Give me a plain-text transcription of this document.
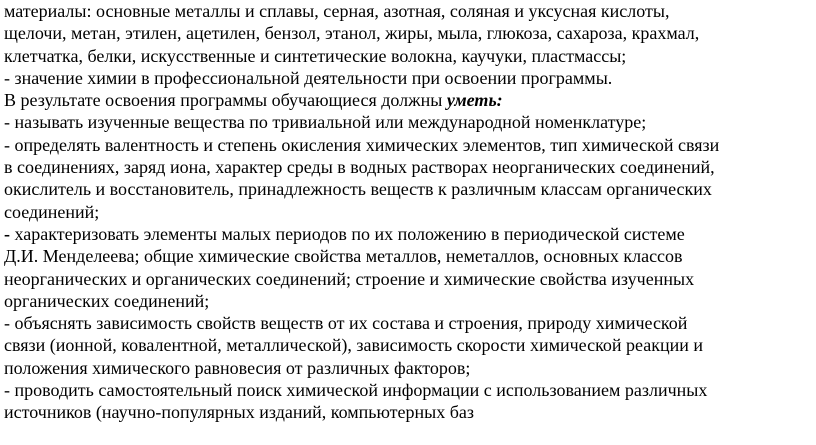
материалы: основные металлы и сплавы, серная, азотная, соляная и уксусная кислоты,
щелочи, метан, этилен, ацетилен, бензол, этанол, жиры, мыла, глюкоза, сахароза, крахмал,
клетчатка, белки, искусственные и синтетические волокна, каучуки, пластмассы;
- значение химии в профессиональной деятельности при освоении программы.
В результате освоения программы обучающиеся должны уметь:
- называть изученные вещества по тривиальной или международной номенклатуре;
- определять валентность и степень окисления химических элементов, тип химической связи
в соединениях, заряд иона, характер среды в водных растворах неорганических соединений,
окислитель и восстановитель, принадлежность веществ к различным классам органических
соединений;
- характеризовать элементы малых периодов по их положению в периодической системе
Д.И. Менделеева; общие химические свойства металлов, неметаллов, основных классов
неорганических и органических соединений; строение и химические свойства изученных
органических соединений;
- объяснять зависимость свойств веществ от их состава и строения, природу химической
связи (ионной, ковалентной, металлической), зависимость скорости химической реакции и
положения химического равновесия от различных факторов;
- проводить самостоятельный поиск химической информации с использованием различных
источников (научно-популярных изданий, компьютерных баз
